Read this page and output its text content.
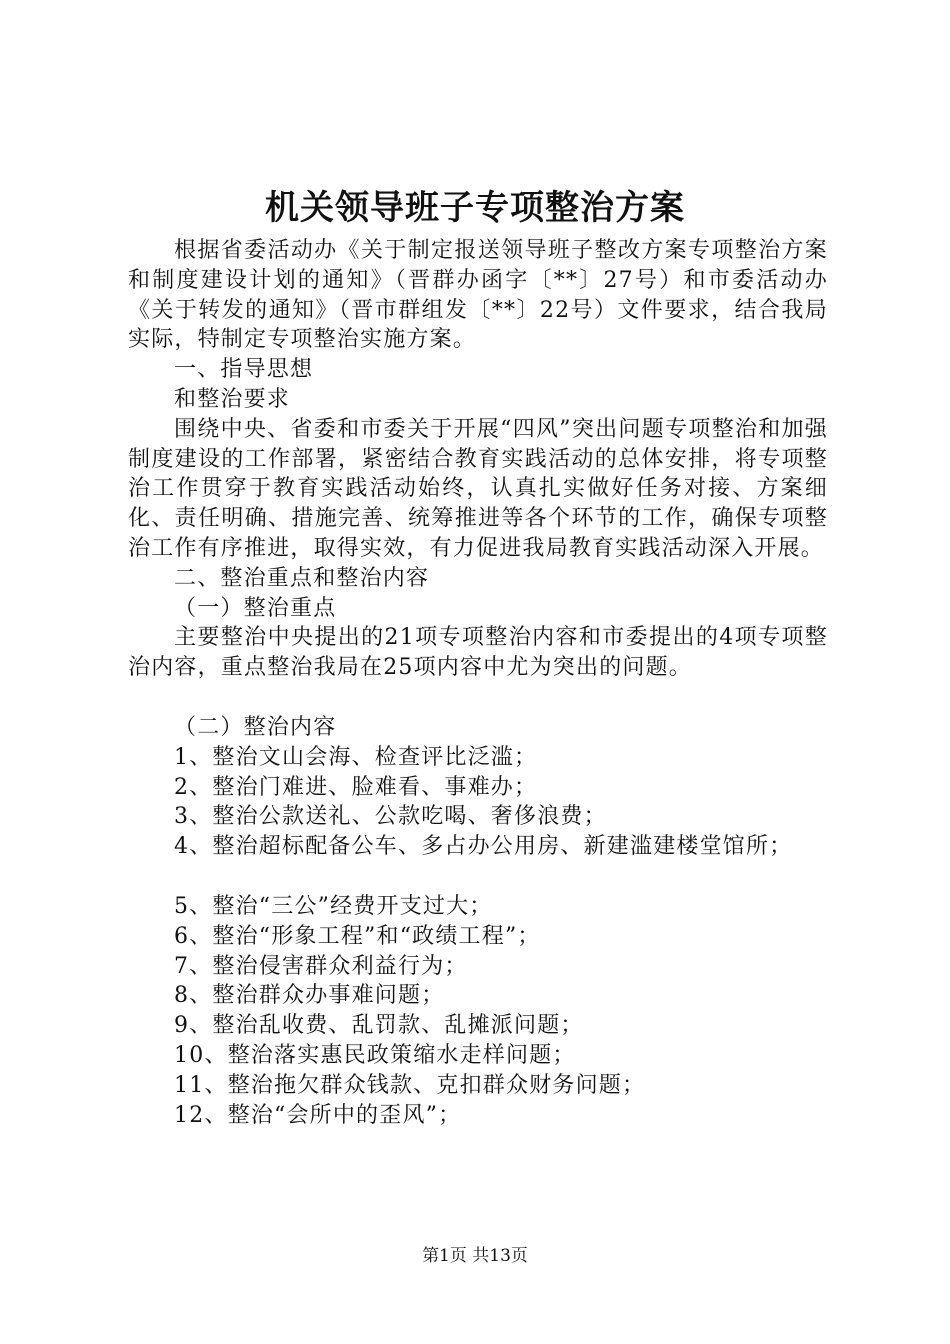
机关领导班子专项整治方案

根据省委活动办《关于制定报送领导班子整改方案专项整治方案和制度建设计划的通知》（晋群办函字〔**〕27号）和市委活动办《关于转发的通知》（晋市群组发〔**〕22号）文件要求，结合我局实际，特制定专项整治实施方案。

一、指导思想

和整治要求

围绕中央、省委和市委关于开展“四风”突出问题专项整治和加强制度建设的工作部署，紧密结合教育实践活动的总体安排，将专项整治工作贯穿于教育实践活动始终，认真扎实做好任务对接、方案细化、责任明确、措施完善、统筹推进等各个环节的工作，确保专项整治工作有序推进，取得实效，有力促进我局教育实践活动深入开展。

二、整治重点和整治内容

（一）整治重点

主要整治中央提出的21项专项整治内容和市委提出的4项专项整治内容，重点整治我局在25项内容中尤为突出的问题。

（二）整治内容

1、整治文山会海、检查评比泛滥；

2、整治门难进、脸难看、事难办；

3、整治公款送礼、公款吃喝、奢侈浪费；

4、整治超标配备公车、多占办公用房、新建滥建楼堂馆所；

5、整治“三公”经费开支过大；

6、整治“形象工程”和“政绩工程”；

7、整治侵害群众利益行为；

8、整治群众办事难问题；

9、整治乱收费、乱罚款、乱摊派问题；

10、整治落实惠民政策缩水走样问题；

11、整治拖欠群众钱款、克扣群众财务问题；

12、整治“会所中的歪风”；

第1页 共13页
